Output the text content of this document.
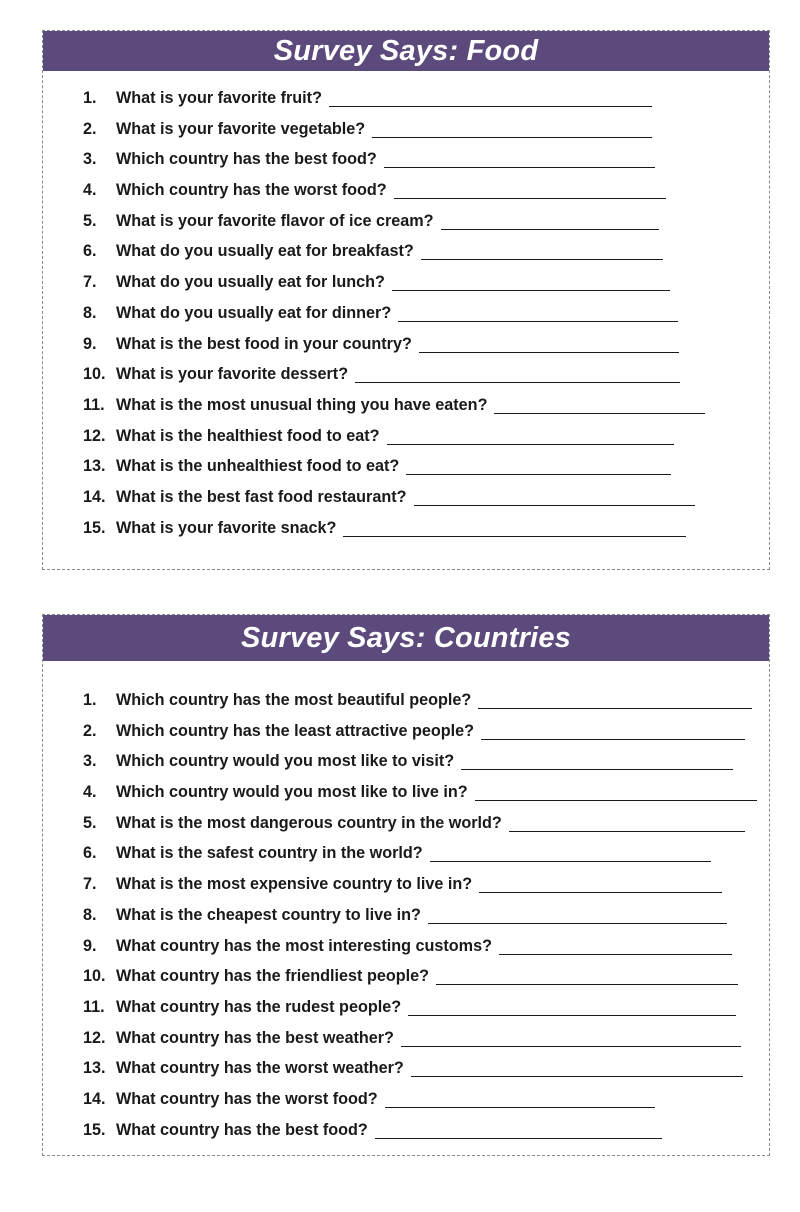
Survey Says: Food
1.	What is your favorite fruit?
2.	What is your favorite vegetable?
3.	Which country has the best food?
4.	Which country has the worst food?
5.	What is your favorite flavor of ice cream?
6.	What do you usually eat for breakfast?
7.	What do you usually eat for lunch?
8.	What do you usually eat for dinner?
9.	What is the best food in your country?
10. What is your favorite dessert?
11. What is the most unusual thing you have eaten?
12. What is the healthiest food to eat?
13. What is the unhealthiest food to eat?
14. What is the best fast food restaurant?
15. What is your favorite snack?
Survey Says: Countries
1.	Which country has the most beautiful people?
2.	Which country has the least attractive people?
3.	Which country would you most like to visit?
4.	Which country would you most like to live in?
5.	What is the most dangerous country in the world?
6.	What is the safest country in the world?
7.	What is the most expensive country to live in?
8.	What is the cheapest country to live in?
9.	What country has the most interesting customs?
10. What country has the friendliest people?
11. What country has the rudest people?
12. What country has the best weather?
13. What country has the worst weather?
14. What country has the worst food?
15. What country has the best food?
